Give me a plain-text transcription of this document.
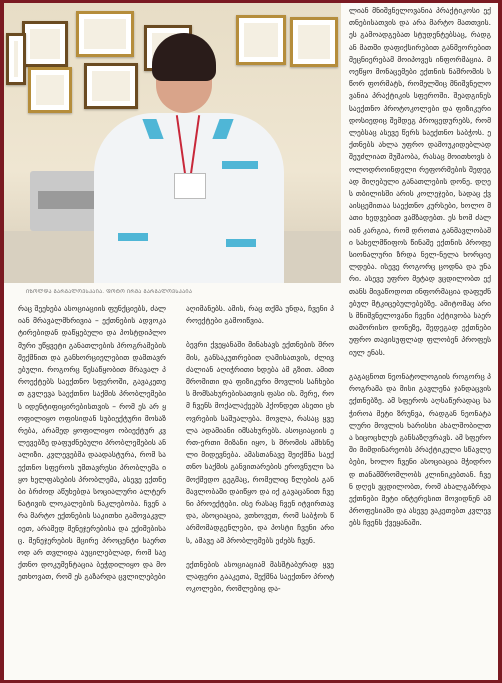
ᲘᲖᲝᲚᲓᲐ ᲒᲐᲠᲒᲐᲚᲝᲕᲡᲙᲐᲘᲐ. ᲤᲝᲢᲝ ᲘᲠᲛᲐ ᲒᲐᲠᲒᲐᲚᲝᲕᲡᲙᲐᲘᲐ

რაც შეეხება ასოციაციის ფუნქციებს, ძალიან მრავალმხრივია – ექთნების ადვოკატირებიდან დაწყებული და პოსტდიპლომური უწყვეტი განათლების პროგრამების შექმნით და განხორციელებით დამთავრებული. როგორც წესაწყობით მრავალ პროექტებს საექთნო სფეროში, გავაკეთეთ გვლევა საექთნო საქმის პრობლემების იდენტიფიცირებისთვის – რომ ეს არ ყოფილიყო ოფისიდან სუბიექტური მოსაზრება, არამედ ყოფილიყო ობიექტურ კვლევებზე დაფუძნებული პრობლემების ანალიზი. კვლევებმა დაადასტურა, რომ საექთნო სფეროს უმთავრესი პრობლემა იყო ხელფასების პრობლემა, ასევე ექთნები ბრძოდ აწუხებდა სოციალური ალტერნატივის ლოკალების ნაკლებობა. ჩვენ არა მარტო ექთნების საკითხი გამოვაკვლიეთ, არამედ მენეჯერებისა და ექიმებისაც. მენეჯერების მცირე პროცენტი საერთოდ არ თვლიდა აუცილებლად, რომ საექთნო დოკუმენტაცია ბეჭდილიყო და მოეთხოვათ, რომ ეს გაზარდა ცვლილებები

აღიმანებს. ამის, რაც თქმა უნდა, ჩვენი პროექტები გამოიწვია.

ბევრი ქვეყანაში მინახავს ექთნების შრომის, განსაკუთრებით ღამისათვის, ძლივ ძალიან აღიჭრითი ხდება ამ გზით. ამით შრომითი და ფიზიკური მოვლის საჩხების მომსახურებისათვის ფასი ის. მერე, რომ ჩვენს მოქალაქეებს ჰქონდეთ ასეთი ცხოვრების საშუალება. მოვლა, რასაც ყველა ადამიანი იმსახურებს. ასოციაციის ერთ-ერთი მიზანი იყო, ს შრომის ამხსნელი მიდევნება. ამასთანავე შეიქმნა საექთნო საქმის განვითარების ეროვნული სამოქმედო გეგმაც, რომელიც წლების განმავლობაში დაიწყო და იქ გავაცანით ჩვენი პროექტები. ისე რასაც ჩვენ იტვირთავდა, ასოციაცია, ვთხოვეთ, რომ საბჭოს წარმომადგენლები, და პოსტი ჩვენი არის, ამავე ამ პრობლემებს ეძებს ჩვენ.

ექთნების ასოციაციამ მასშტაბურად ყველაფერი გააკეთა, შექმნა საექთნო პროტოკოლები, რომლებიც და-

ლიან მნიშვნელოვანია პრაქტიკოსი ექთნებისათვის და არა მარტო მათთვის. ეს გამოადგებათ სტუდენტებსაც, რადგან მათში დაფიქსირებით განმეორებით მეცნიერებამ მოიპოვეს ინფორმაცია. მოეწყო მონაცემები ექთნის ნაშრომის სწორ ფორმატს, რომელშიც მნიშვნელოვანია პრაქტიკის სფეროში. შეადგინეს საექთნო პროტოკოლები და ფიზიკური დოსიედიც შემდეგ პროცედურებს, რომლებსაც ასევე წერს საექთნო საბჭოს. ექთნებს ახლა უფრო დამოუკიდებლად შეუძლიათ მუშაობა, რასაც მოითხოვს ბოლოდროინდელი რეფორმების შედეგად მიღებული განათლების დონე. დღეს თბილისში არის კოლეჯები, სადაც ქვაისცემითაა საექთნო კურსები, ხოლო მათი ხედვებით ვამზადებთ. ეს ხომ ძალიან კარგია, რომ დროთა განმავლობაში სახელმწიფოს წინაშე ექთნის პროფესიონალური ზრდა ნელ-ნელა ხორციელდება. ისევე როგორც ცოდნა და უნარი. ასევე უფრო მეტად ვცდილობთ ექთანს მივაწოდოთ ინფორმაცია დაფუძნებულ მტკიცებულებებზე. ამიტომაც არის მნიშვნელოვანი ჩვენი აქტივობა საერთაშორისო დონეზე, შედეგად ექთნები უფრო თავისუფლად ფლობენ პროფესიულ ენას.

გაგაცნოთ ნეონატოლოგიის როგორც პროგრამა და მისი გავლენა ჯანდაცვის ექთნებზე. ამ სფეროს აღსაწერადაც საჭიროა მეტი ზრუნვა, რადგან ნეონატალური მოვლის ხარისხი ახალშობილთა სიცოცხლეს განსაზღვრავს. ამ სფეროში მიმდინარეობს პრაქტიკული სწავლებები, ხოლო ჩვენი ასოციაცია მჭიდროდ თანამშრომლობს კლინიკებთან. ჩვენ დღეს ვცდილობთ, რომ ახალგაზრდა ექთნები მეტი ინტერესით მოვიდნენ ამ პროფესიაში და ასევე ვაკეთებთ კვლევებს ჩვენს ქვეყანაში.
